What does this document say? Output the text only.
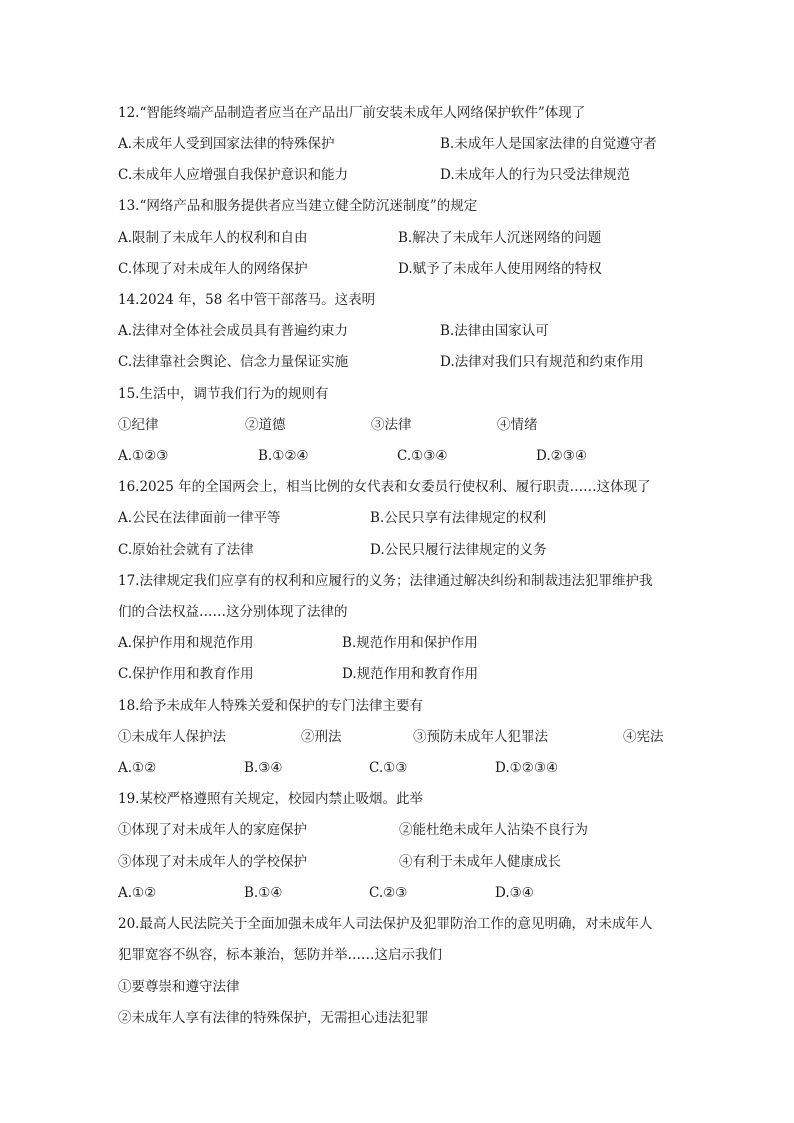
12.“智能终端产品制造者应当在产品出厂前安装未成年人网络保护软件”体现了
A.未成年人受到国家法律的特殊保护	B.未成年人是国家法律的自觉遵守者
C.未成年人应增强自我保护意识和能力	D.未成年人的行为只受法律规范
13.“网络产品和服务提供者应当建立健全防沉迷制度”的规定
A.限制了未成年人的权利和自由	B.解决了未成年人沉迷网络的问题
C.体现了对未成年人的网络保护	D.赋予了未成年人使用网络的特权
14.2024 年，58 名中管干部落马。这表明
A.法律对全体社会成员具有普遍约束力	B.法律由国家认可
C.法律靠社会舆论、信念力量保证实施	D.法律对我们只有规范和约束作用
15.生活中，调节我们行为的规则有
①纪律	②道德	③法律	④情绪
A.①②③	B.①②④	C.①③④	D.②③④
16.2025 年的全国两会上，相当比例的女代表和女委员行使权利、履行职责……这体现了
A.公民在法律面前一律平等	B.公民只享有法律规定的权利
C.原始社会就有了法律	D.公民只履行法律规定的义务
17.法律规定我们应享有的权利和应履行的义务；法律通过解决纠纷和制裁违法犯罪维护我
们的合法权益……这分别体现了法律的
A.保护作用和规范作用	B.规范作用和保护作用
C.保护作用和教育作用	D.规范作用和教育作用
18.给予未成年人特殊关爱和保护的专门法律主要有
①未成年人保护法	②刑法	③预防未成年人犯罪法	④宪法
A.①②	B.③④	C.①③	D.①②③④
19.某校严格遵照有关规定，校园内禁止吸烟。此举
①体现了对未成年人的家庭保护	②能杜绝未成年人沾染不良行为
③体现了对未成年人的学校保护	④有利于未成年人健康成长
A.①②	B.①④	C.②③	D.③④
20.最高人民法院关于全面加强未成年人司法保护及犯罪防治工作的意见明确，对未成年人
犯罪宽容不纵容，标本兼治，惩防并举……这启示我们
①要尊崇和遵守法律
②未成年人享有法律的特殊保护，无需担心违法犯罪
